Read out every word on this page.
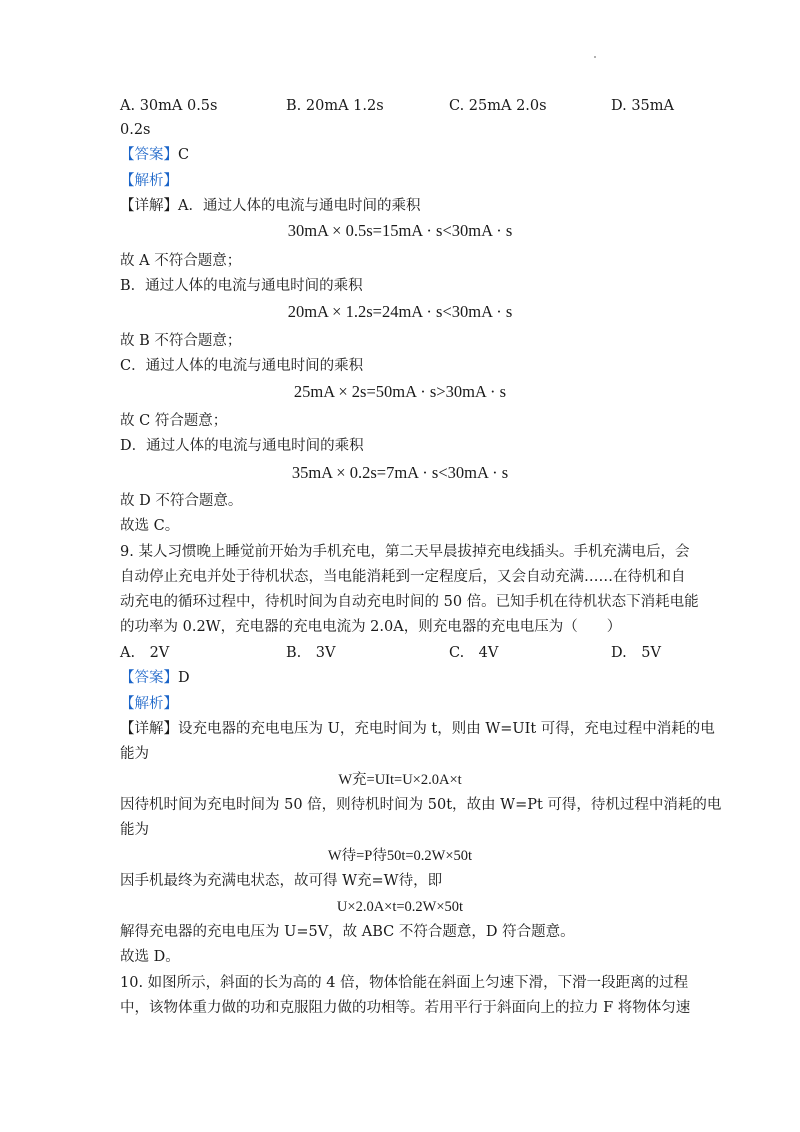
A. 30mA 0.5s	B. 20mA 1.2s	C. 25mA 2.0s	D. 35mA
0.2s
【答案】C
【解析】
【详解】A．通过人体的电流与通电时间的乘积
30mA × 0.5s=15mA · s<30mA · s
故 A 不符合题意；
B．通过人体的电流与通电时间的乘积
20mA × 1.2s=24mA · s<30mA · s
故 B 不符合题意；
C．通过人体的电流与通电时间的乘积
25mA × 2s=50mA · s>30mA · s
故 C 符合题意；
D．通过人体的电流与通电时间的乘积
35mA × 0.2s=7mA · s<30mA · s
故 D 不符合题意。
故选 C。
9. 某人习惯晚上睡觉前开始为手机充电，第二天早晨拔掉充电线插头。手机充满电后，会
自动停止充电并处于待机状态，当电能消耗到一定程度后，又会自动充满……在待机和自
动充电的循环过程中，待机时间为自动充电时间的 50 倍。已知手机在待机状态下消耗电能
的功率为 0.2W，充电器的充电电流为 2.0A，则充电器的充电电压为（　　）
A.　2V	B.　3V	C.　4V	D.　5V
【答案】D
【解析】
【详解】设充电器的充电电压为 U，充电时间为 t，则由 W=UIt 可得，充电过程中消耗的电
能为
W充=UIt=U×2.0A×t
因待机时间为充电时间为 50 倍，则待机时间为 50t，故由 W=Pt 可得，待机过程中消耗的电
能为
W待=P待50t=0.2W×50t
因手机最终为充满电状态，故可得 W充=W待，即
U×2.0A×t=0.2W×50t
解得充电器的充电电压为 U=5V，故 ABC 不符合题意，D 符合题意。
故选 D。
10. 如图所示，斜面的长为高的 4 倍，物体恰能在斜面上匀速下滑，下滑一段距离的过程
中，该物体重力做的功和克服阻力做的功相等。若用平行于斜面向上的拉力 F 将物体匀速
